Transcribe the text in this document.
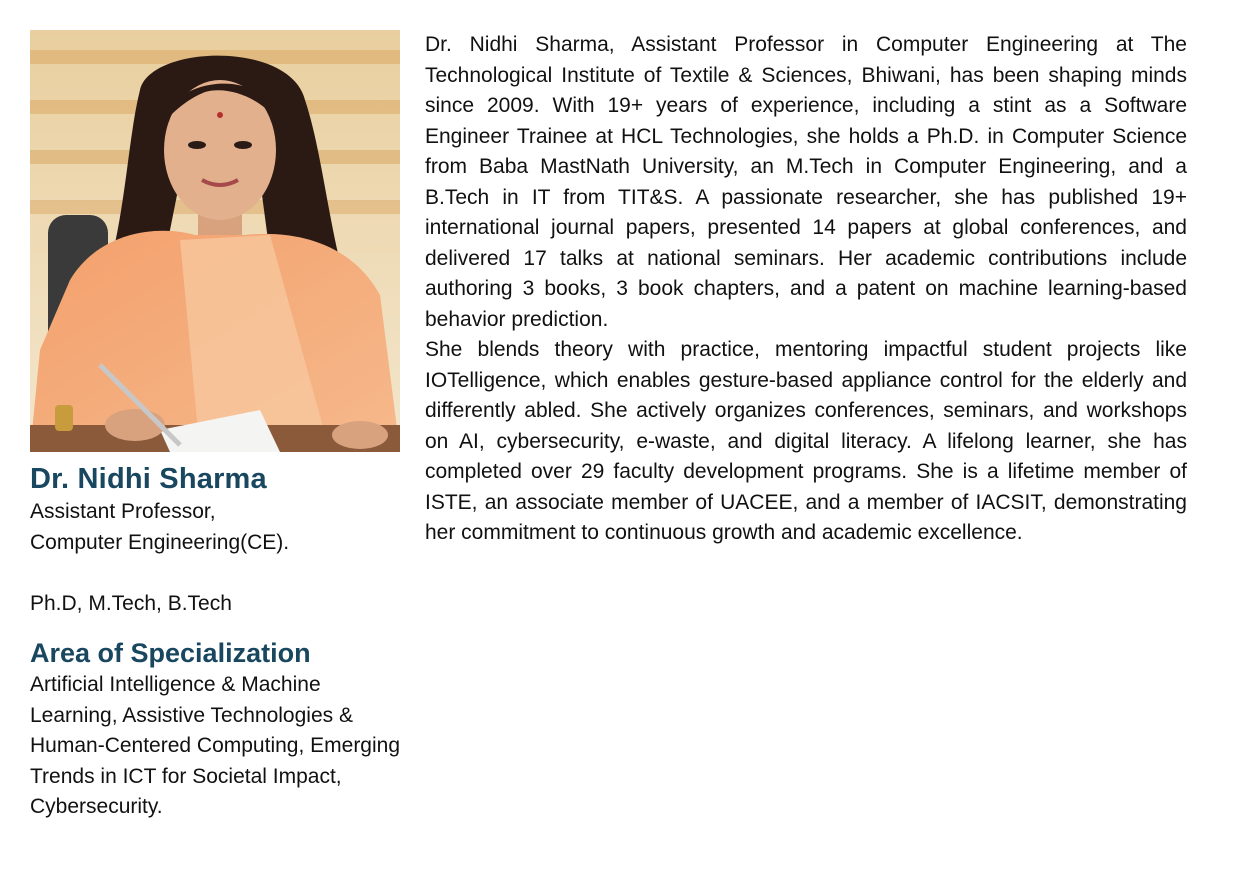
Dr. Nidhi Sharma

Assistant Professor,

Computer Engineering(CE).

Ph.D, M.Tech, B.Tech

Area of Specialization

Artificial Intelligence & Machine Learning, Assistive Technologies & Human-Centered Computing, Emerging Trends in ICT for Societal Impact, Cybersecurity.

Dr. Nidhi Sharma, Assistant Professor in Computer Engineering at The Technological Institute of Textile & Sciences, Bhiwani, has been shaping minds since 2009. With 19+ years of experience, including a stint as a Software Engineer Trainee at HCL Technologies, she holds a Ph.D. in Computer Science from Baba MastNath University, an M.Tech in Computer Engineering, and a B.Tech in IT from TIT&S. A passionate researcher, she has published 19+ international journal papers, presented 14 papers at global conferences, and delivered 17 talks at national seminars. Her academic contributions include authoring 3 books, 3 book chapters, and a patent on machine learning-based behavior prediction.

She blends theory with practice, mentoring impactful student projects like IOTelligence, which enables gesture-based appliance control for the elderly and differently abled. She actively organizes conferences, seminars, and workshops on AI, cybersecurity, e-waste, and digital literacy. A lifelong learner, she has completed over 29 faculty development programs. She is a lifetime member of ISTE, an associate member of UACEE, and a member of IACSIT, demonstrating her commitment to continuous growth and academic excellence.
